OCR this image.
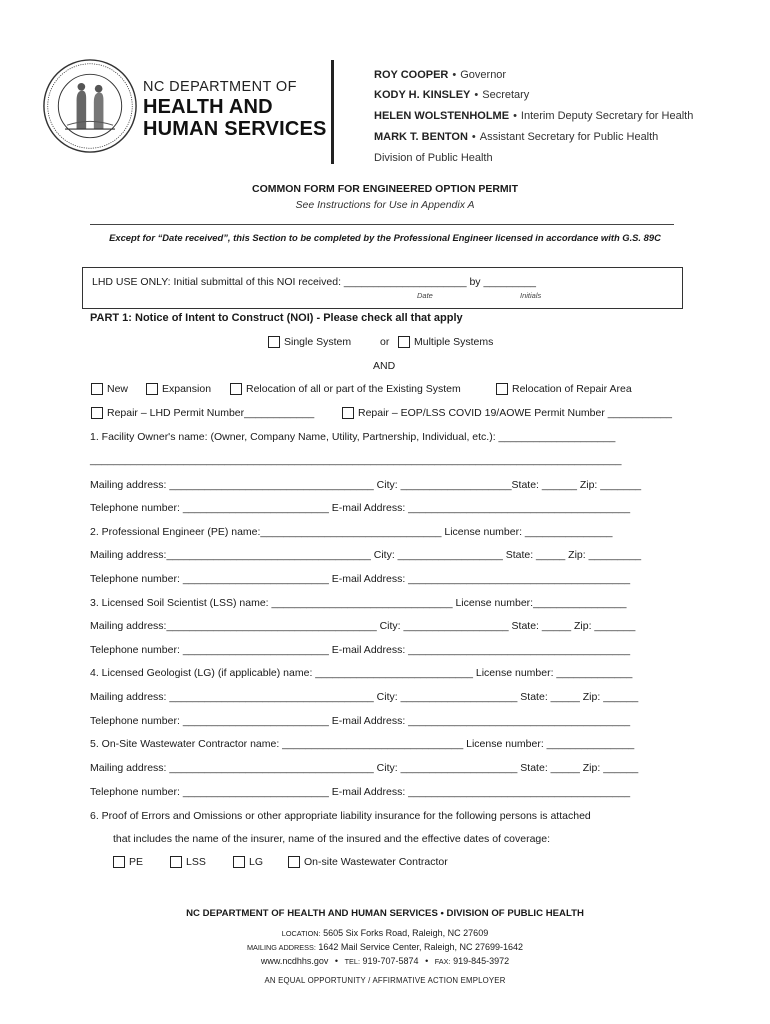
NC DEPARTMENT OF
HEALTH AND
HUMAN SERVICES
ROY COOPER • Governor
KODY H. KINSLEY • Secretary
HELEN WOLSTENHOLME • Interim Deputy Secretary for Health
MARK T. BENTON • Assistant Secretary for Public Health
Division of Public Health
COMMON FORM FOR ENGINEERED OPTION PERMIT
See Instructions for Use in Appendix A
Except for “Date received”, this Section to be completed by the Professional Engineer licensed in accordance with G.S. 89C
LHD USE ONLY: Initial submittal of this NOI received: _____________________ by _________
Date	Initials
PART 1: Notice of Intent to Construct (NOI) - Please check all that apply
Single System	or	Multiple Systems
AND
New	Expansion	Relocation of all or part of the Existing System	Relocation of Repair Area
Repair – LHD Permit Number____________	Repair – EOP/LSS COVID 19/AOWE Permit Number ___________
1. Facility Owner's name: (Owner, Company Name, Utility, Partnership, Individual, etc.): ____________________
___________________________________________________________________________________________
Mailing address: ___________________________________ City: ___________________State: ______ Zip: _______
Telephone number: _________________________ E-mail Address: ______________________________________
2. Professional Engineer (PE) name:_______________________________ License number: _______________
Mailing address:___________________________________ City: __________________ State: _____ Zip: _________
Telephone number: _________________________ E-mail Address: ______________________________________
3. Licensed Soil Scientist (LSS) name: _______________________________ License number:________________
Mailing address:____________________________________ City: __________________ State: _____ Zip: _______
Telephone number: _________________________ E-mail Address: ______________________________________
4. Licensed Geologist (LG) (if applicable) name: ___________________________ License number: _____________
Mailing address: ___________________________________ City: ____________________ State: _____ Zip: ______
Telephone number: _________________________ E-mail Address: ______________________________________
5. On-Site Wastewater Contractor name: _______________________________ License number: _______________
Mailing address: ___________________________________ City: ____________________ State: _____ Zip: ______
Telephone number: _________________________ E-mail Address: ______________________________________
6. Proof of Errors and Omissions or other appropriate liability insurance for the following persons is attached
that includes the name of the insurer, name of the insured and the effective dates of coverage:
PE	LSS	LG	On-site Wastewater Contractor
NC DEPARTMENT OF HEALTH AND HUMAN SERVICES • DIVISION OF PUBLIC HEALTH
LOCATION: 5605 Six Forks Road, Raleigh, NC 27609
MAILING ADDRESS: 1642 Mail Service Center, Raleigh, NC 27699-1642
www.ncdhhs.gov • TEL: 919-707-5874 • FAX: 919-845-3972
AN EQUAL OPPORTUNITY / AFFIRMATIVE ACTION EMPLOYER
